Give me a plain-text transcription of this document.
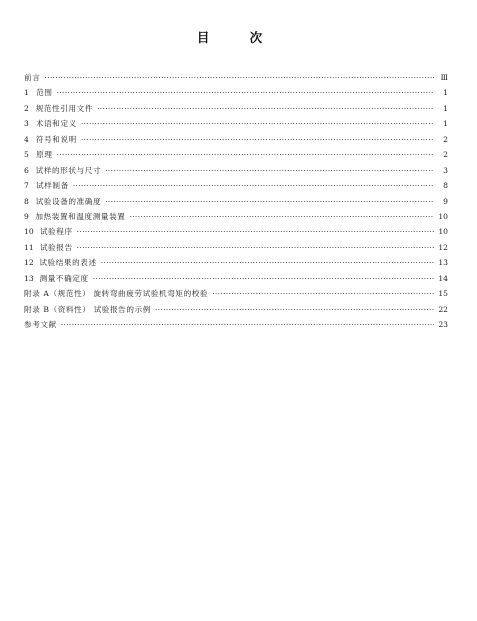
目 次
前言 ·····	Ⅲ
1 范围 ·····	1
2 规范性引用文件 ·····	1
3 术语和定义 ·····	1
4 符号和说明 ·····	2
5 原理 ·····	2
6 试样的形状与尺寸 ·····	3
7 试样制备 ·····	8
8 试验设备的准确度 ·····	9
9 加热装置和温度测量装置 ·····	10
10 试验程序 ·····	10
11 试验报告 ·····	12
12 试验结果的表述 ·····	13
13 测量不确定度 ·····	14
附录 A（规范性） 旋转弯曲疲劳试验机弯矩的校验 ·····	15
附录 B（资料性） 试验报告的示例 ·····	22
参考文献 ·····	23
